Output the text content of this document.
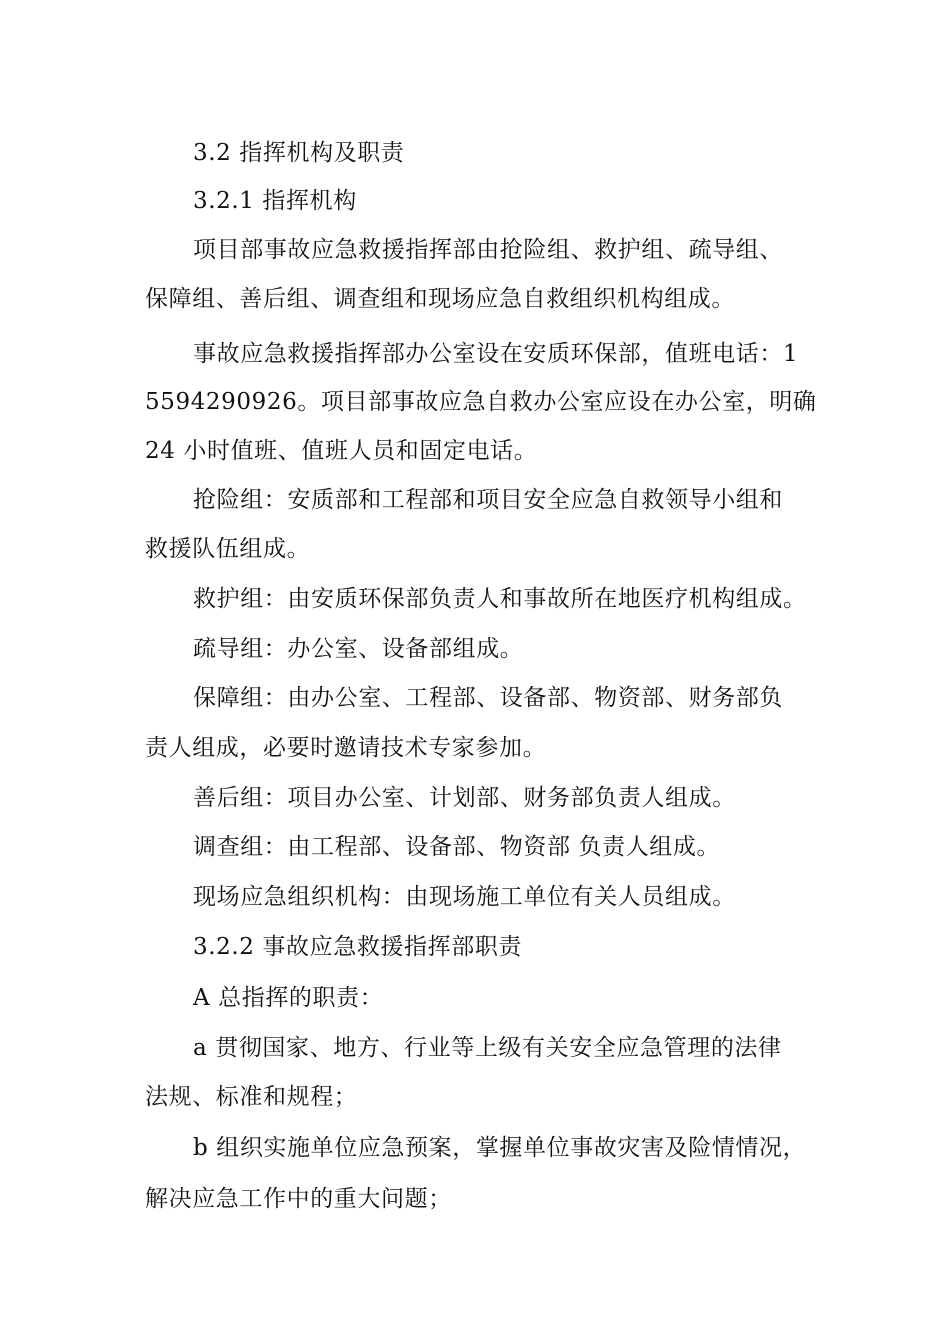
3.2 指挥机构及职责
3.2.1 指挥机构
项目部事故应急救援指挥部由抢险组、救护组、疏导组、
保障组、善后组、调查组和现场应急自救组织机构组成。
事故应急救援指挥部办公室设在安质环保部，值班电话：1
5594290926。项目部事故应急自救办公室应设在办公室，明确
24 小时值班、值班人员和固定电话。
抢险组：安质部和工程部和项目安全应急自救领导小组和
救援队伍组成。
救护组：由安质环保部负责人和事故所在地医疗机构组成。
疏导组：办公室、设备部组成。
保障组：由办公室、工程部、设备部、物资部、财务部负
责人组成，必要时邀请技术专家参加。
善后组：项目办公室、计划部、财务部负责人组成。
调查组：由工程部、设备部、物资部 负责人组成。
现场应急组织机构：由现场施工单位有关人员组成。
3.2.2 事故应急救援指挥部职责
A 总指挥的职责：
a 贯彻国家、地方、行业等上级有关安全应急管理的法律
法规、标准和规程；
b 组织实施单位应急预案，掌握单位事故灾害及险情情况，
解决应急工作中的重大问题；
